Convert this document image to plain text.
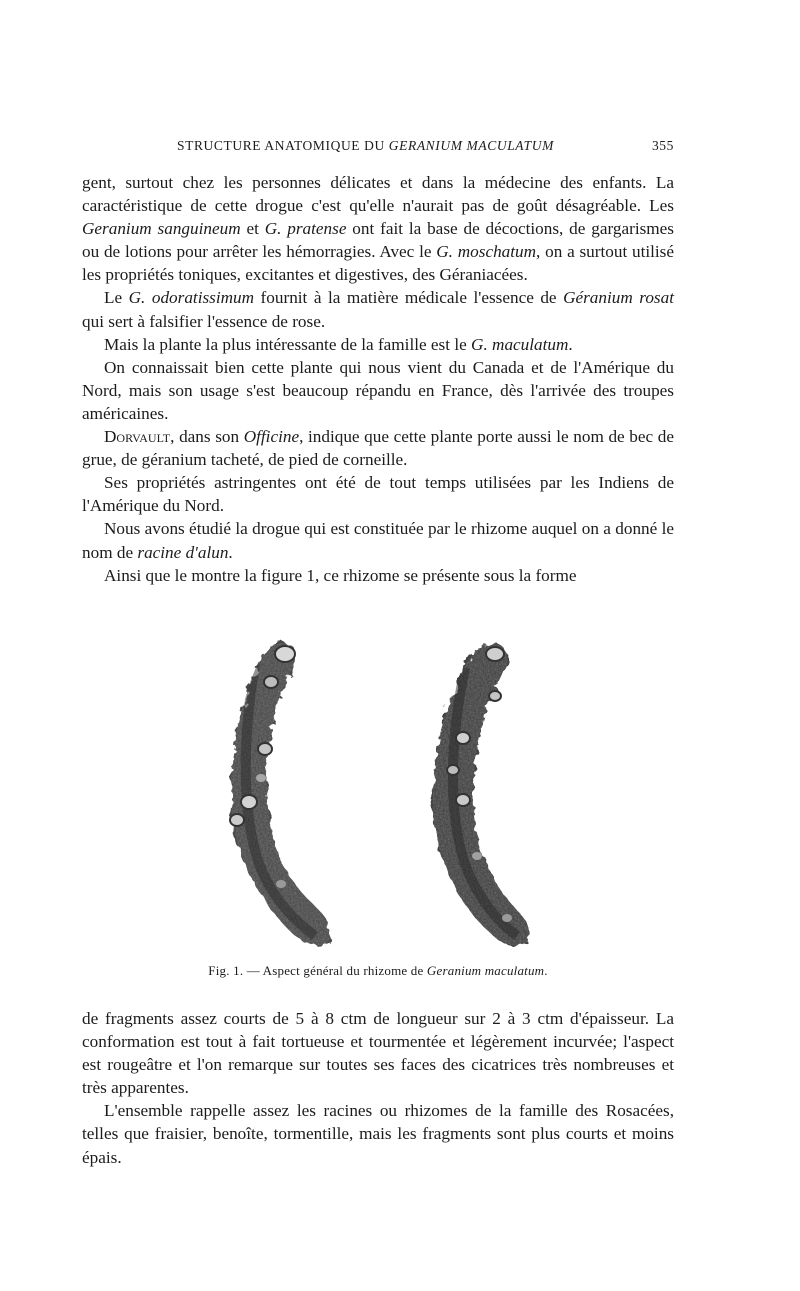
STRUCTURE ANATOMIQUE DU GERANIUM MACULATUM	355

gent, surtout chez les personnes délicates et dans la médecine des enfants. La caractéristique de cette drogue c'est qu'elle n'aurait pas de goût désagréable. Les Geranium sanguineum et G. pratense ont fait la base de décoctions, de gargarismes ou de lotions pour arrêter les hémorragies. Avec le G. moschatum, on a surtout utilisé les propriétés toniques, excitantes et digestives, des Géraniacées.

Le G. odoratissimum fournit à la matière médicale l'essence de Géranium rosat qui sert à falsifier l'essence de rose.

Mais la plante la plus intéressante de la famille est le G. maculatum.

On connaissait bien cette plante qui nous vient du Canada et de l'Amérique du Nord, mais son usage s'est beaucoup répandu en France, dès l'arrivée des troupes américaines.

Dorvault, dans son Officine, indique que cette plante porte aussi le nom de bec de grue, de géranium tacheté, de pied de corneille.

Ses propriétés astringentes ont été de tout temps utilisées par les Indiens de l'Amérique du Nord.

Nous avons étudié la drogue qui est constituée par le rhizome auquel on a donné le nom de racine d'alun.

Ainsi que le montre la figure 1, ce rhizome se présente sous la forme

Fig. 1. — Aspect général du rhizome de Geranium maculatum.

de fragments assez courts de 5 à 8 ctm de longueur sur 2 à 3 ctm d'épaisseur. La conformation est tout à fait tortueuse et tourmentée et légèrement incurvée; l'aspect est rougeâtre et l'on remarque sur toutes ses faces des cicatrices très nombreuses et très apparentes.

L'ensemble rappelle assez les racines ou rhizomes de la famille des Rosacées, telles que fraisier, benoîte, tormentille, mais les fragments sont plus courts et moins épais.
